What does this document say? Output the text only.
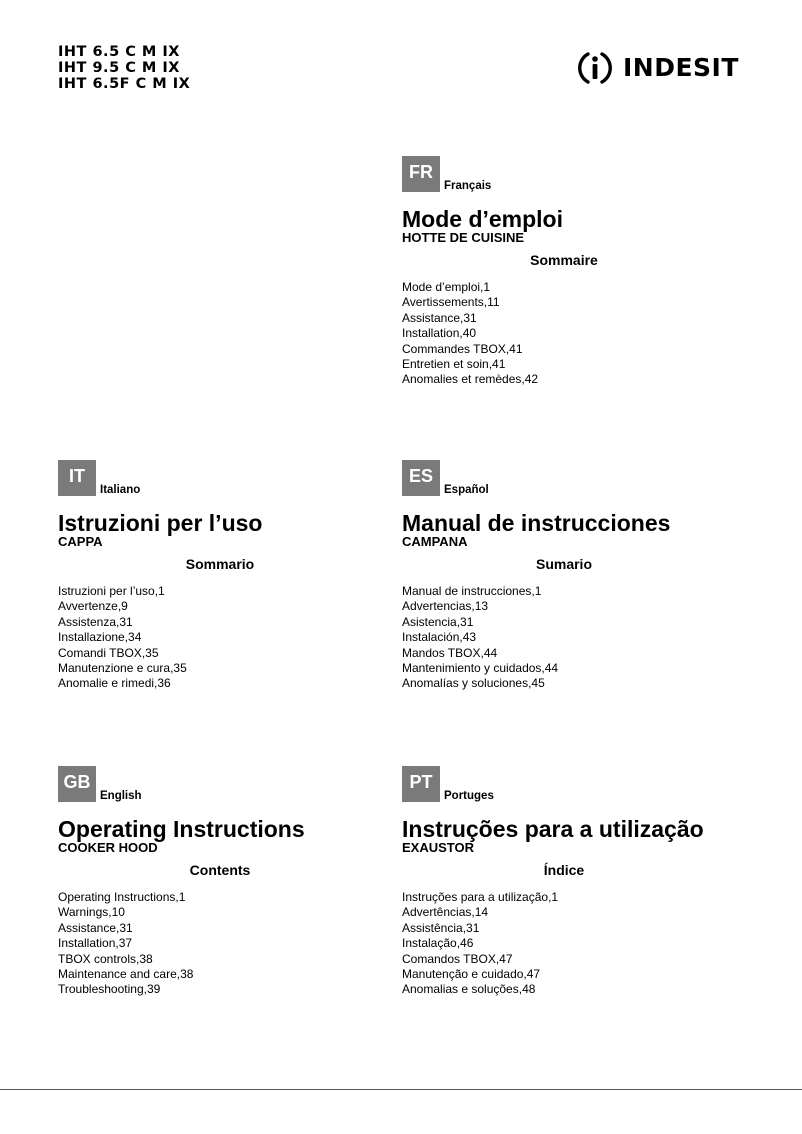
IHT 6.5 C M IX
IHT 9.5 C M IX
IHT 6.5F C M IX
INDESIT
FR
Français
Mode d’emploi
HOTTE DE CUISINE
Sommaire
Mode d’emploi,1
Avertissements,11
Assistance,31
Installation,40
Commandes TBOX,41
Entretien et soin,41
Anomalies et remèdes,42
IT
Italiano
Istruzioni per l’uso
CAPPA
Sommario
Istruzioni per l’uso,1
Avvertenze,9
Assistenza,31
Installazione,34
Comandi TBOX,35
Manutenzione e cura,35
Anomalie e rimedi,36
ES
Español
Manual de instrucciones
CAMPANA
Sumario
Manual de instrucciones,1
Advertencias,13
Asistencia,31
Instalación,43
Mandos TBOX,44
Mantenimiento y cuidados,44
Anomalías y soluciones,45
GB
English
Operating Instructions
COOKER HOOD
Contents
Operating Instructions,1
Warnings,10
Assistance,31
Installation,37
TBOX controls,38
Maintenance and care,38
Troubleshooting,39
PT
Portuges
Instruções para a utilização
EXAUSTOR
Índice
Instruções para a utilização,1
Advertências,14
Assistência,31
Instalação,46
Comandos TBOX,47
Manutenção e cuidado,47
Anomalias e soluções,48
